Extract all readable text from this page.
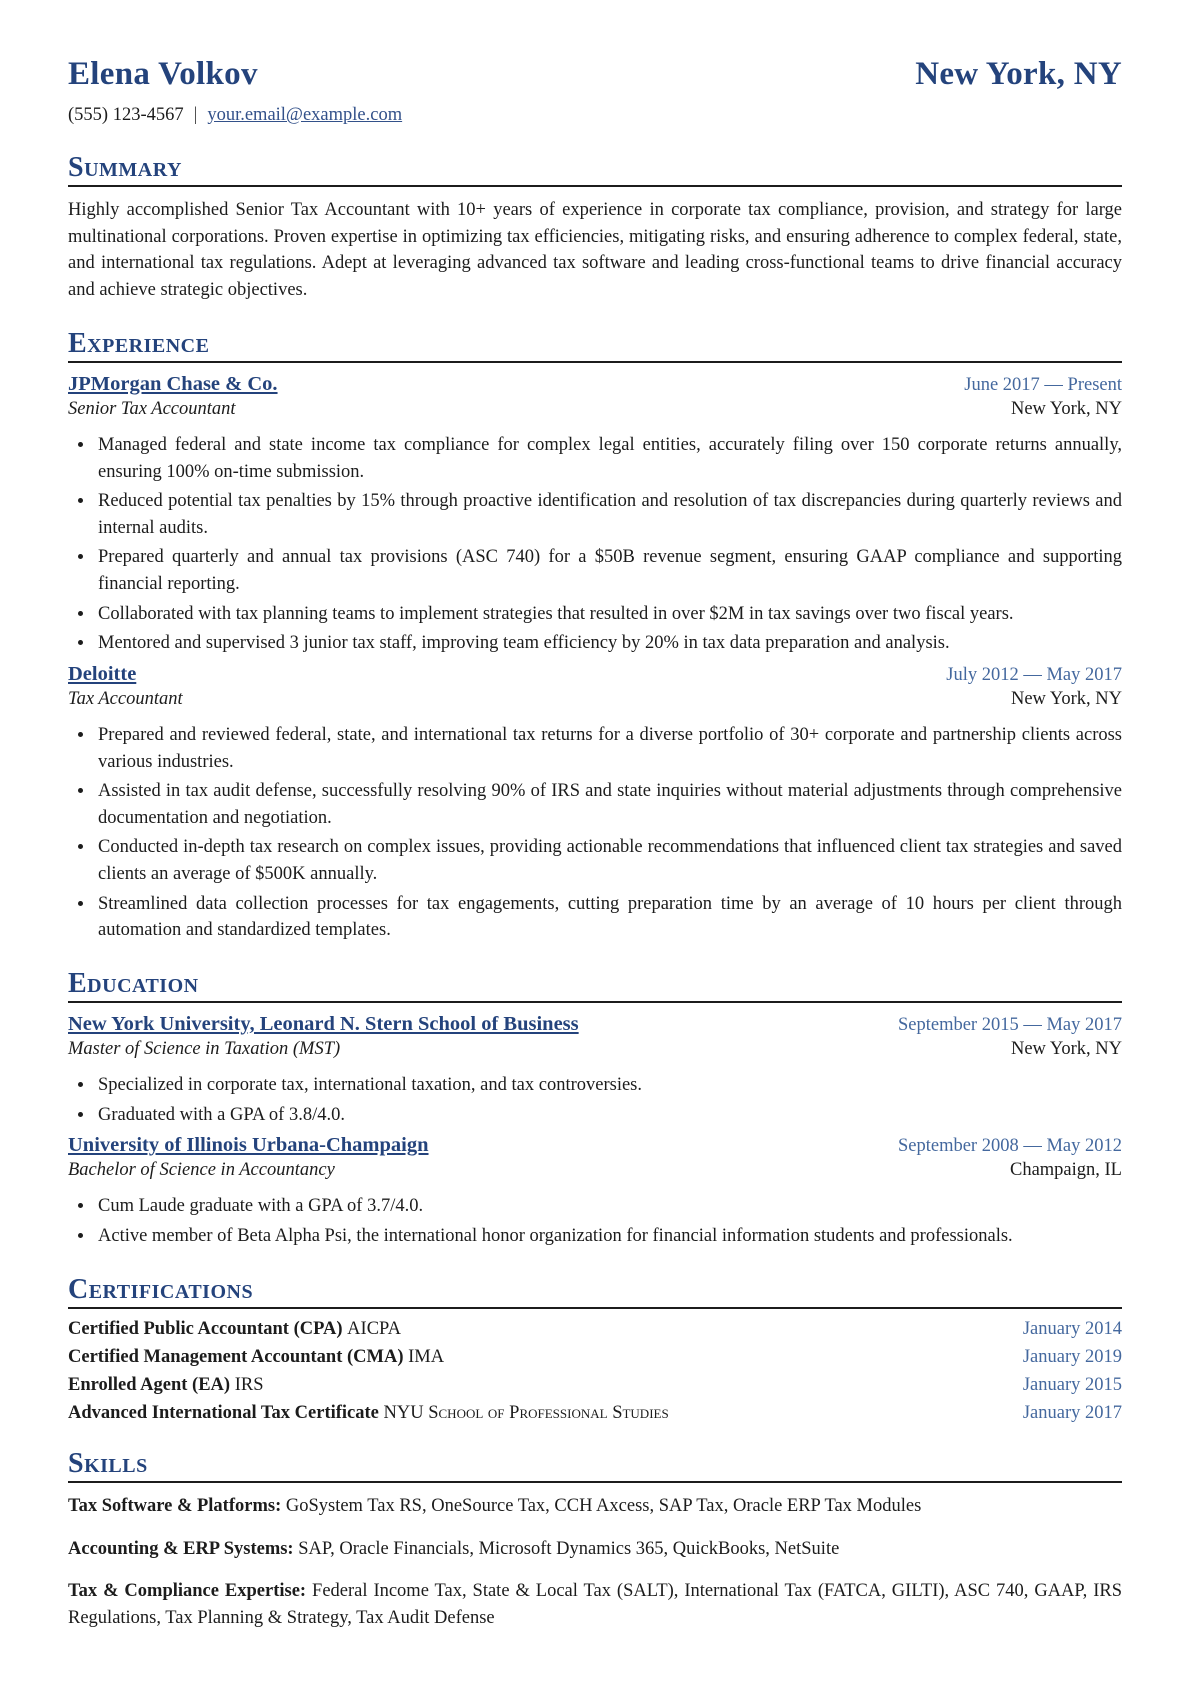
Elena Volkov	New York, NY
(555) 123-4567 | your.email@example.com
Summary

Highly accomplished Senior Tax Accountant with 10+ years of experience in corporate tax compliance, provision, and strategy for large multinational corporations. Proven expertise in optimizing tax efficiencies, mitigating risks, and ensuring adherence to complex federal, state, and international tax regulations. Adept at leveraging advanced tax software and leading cross-functional teams to drive financial accuracy and achieve strategic objectives.

Experience
JPMorgan Chase & Co.	June 2017 — Present
Senior Tax Accountant	New York, NY
• Managed federal and state income tax compliance for complex legal entities, accurately filing over 150 corporate returns annually, ensuring 100% on-time submission.
• Reduced potential tax penalties by 15% through proactive identification and resolution of tax discrepancies during quarterly reviews and internal audits.
• Prepared quarterly and annual tax provisions (ASC 740) for a $50B revenue segment, ensuring GAAP compliance and supporting financial reporting.
• Collaborated with tax planning teams to implement strategies that resulted in over $2M in tax savings over two fiscal years.
• Mentored and supervised 3 junior tax staff, improving team efficiency by 20% in tax data preparation and analysis.
Deloitte	July 2012 — May 2017
Tax Accountant	New York, NY
• Prepared and reviewed federal, state, and international tax returns for a diverse portfolio of 30+ corporate and partnership clients across various industries.
• Assisted in tax audit defense, successfully resolving 90% of IRS and state inquiries without material adjustments through comprehensive documentation and negotiation.
• Conducted in-depth tax research on complex issues, providing actionable recommendations that influenced client tax strategies and saved clients an average of $500K annually.
• Streamlined data collection processes for tax engagements, cutting preparation time by an average of 10 hours per client through automation and standardized templates.
Education
New York University, Leonard N. Stern School of Business	September 2015 — May 2017
Master of Science in Taxation (MST)	New York, NY
• Specialized in corporate tax, international taxation, and tax controversies.
• Graduated with a GPA of 3.8/4.0.
University of Illinois Urbana-Champaign	September 2008 — May 2012
Bachelor of Science in Accountancy	Champaign, IL
• Cum Laude graduate with a GPA of 3.7/4.0.
• Active member of Beta Alpha Psi, the international honor organization for financial information students and professionals.
Certifications
Certified Public Accountant (CPA) AICPA	January 2014
Certified Management Accountant (CMA) IMA	January 2019
Enrolled Agent (EA) IRS	January 2015
Advanced International Tax Certificate NYU School of Professional Studies	January 2017
Skills

Tax Software & Platforms: GoSystem Tax RS, OneSource Tax, CCH Axcess, SAP Tax, Oracle ERP Tax Modules

Accounting & ERP Systems: SAP, Oracle Financials, Microsoft Dynamics 365, QuickBooks, NetSuite

Tax & Compliance Expertise: Federal Income Tax, State & Local Tax (SALT), International Tax (FATCA, GILTI), ASC 740, GAAP, IRS Regulations, Tax Planning & Strategy, Tax Audit Defense
